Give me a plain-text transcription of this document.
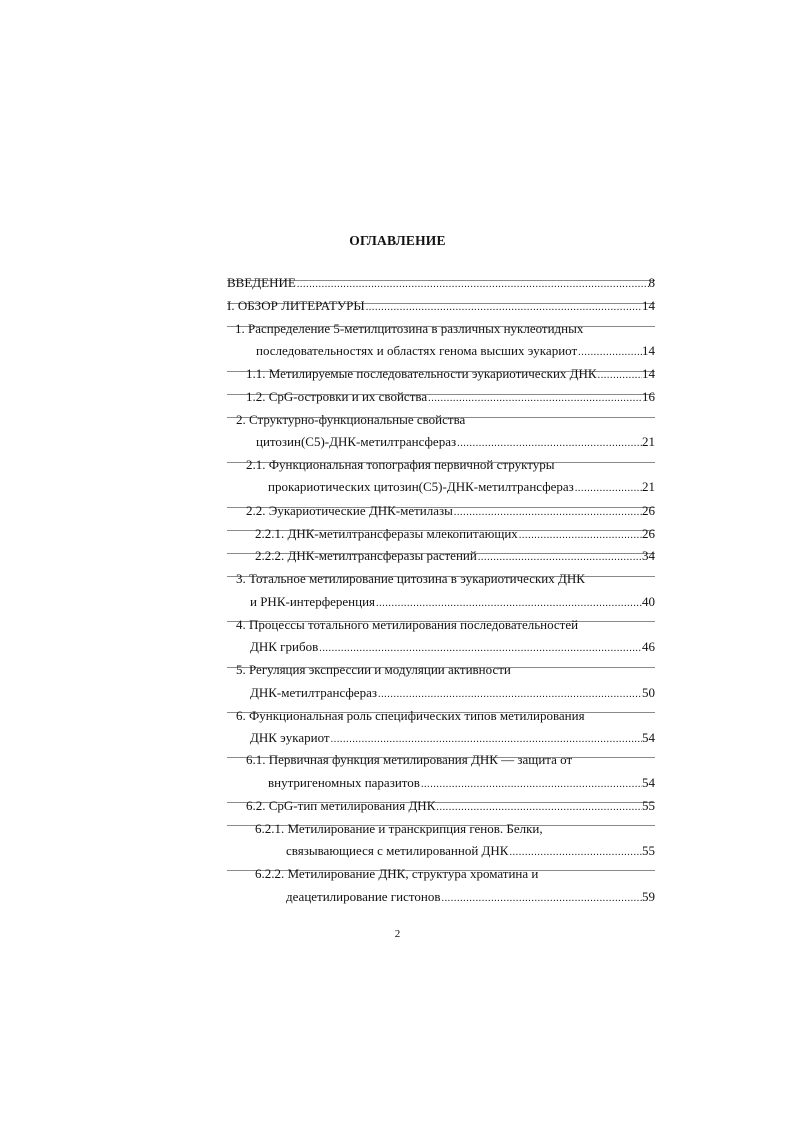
ОГЛАВЛЕНИЕ
ВВЕДЕНИЕ .....	8
I. ОБЗОР ЛИТЕРАТУРЫ .....	14
1. Распределение 5-метилцитозина в различных нуклеотидных
последовательностях и областях генома высших эукариот .....	14
1.1. Метилируемые последовательности эукариотических ДНК .....	14
1.2. CpG-островки и их свойства .....	16
2. Структурно-функциональные свойства
цитозин(С5)-ДНК-метилтрансфераз .....	21
2.1. Функциональная топография первичной структуры
прокариотических цитозин(С5)-ДНК-метилтрансфераз .....	21
2.2. Эукариотические ДНК-метилазы .....	26
2.2.1. ДНК-метилтрансферазы млекопитающих .....	26
2.2.2. ДНК-метилтрансферазы растений .....	34
3. Тотальное метилирование цитозина в эукариотических ДНК
и РНК-интерференция .....	40
4. Процессы тотального метилирования последовательностей
ДНК грибов .....	46
5. Регуляция экспрессии и модуляции активности
ДНК-метилтрансфераз .....	50
6. Функциональная роль специфических типов метилирования
ДНК эукариот .....	54
6.1. Первичная функция метилирования ДНК — защита от
внутригеномных паразитов .....	54
6.2. CpG-тип метилирования ДНК .....	55
6.2.1. Метилирование и транскрипция генов. Белки,
связывающиеся с метилированной ДНК .....	55
6.2.2. Метилирование ДНК, структура хроматина и
деацетилирование гистонов .....	59
2
